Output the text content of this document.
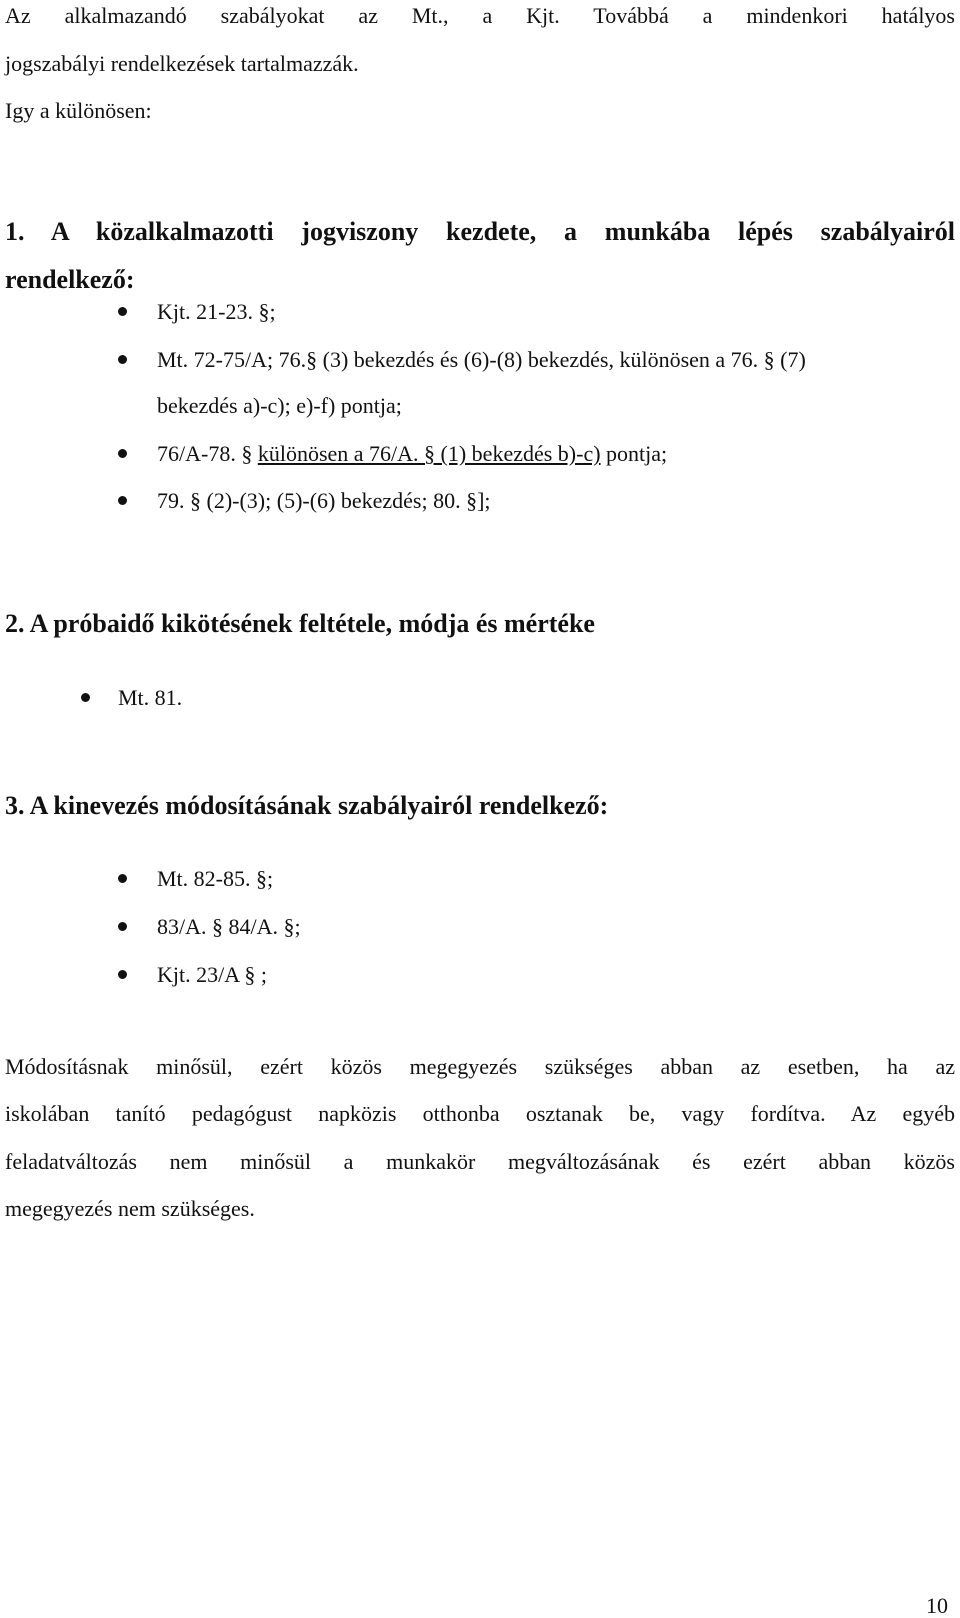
Az alkalmazandó szabályokat az Mt., a Kjt. Továbbá a mindenkori hatályos
jogszabályi rendelkezések tartalmazzák.
Igy a különösen:
1. A közalkalmazotti jogviszony kezdete, a munkába lépés szabályairól
rendelkező:
Kjt. 21-23. §;
Mt. 72-75/A; 76.§ (3) bekezdés és (6)-(8) bekezdés, különösen a 76. § (7)
bekezdés a)-c); e)-f) pontja;
76/A-78. § különösen a 76/A. § (1) bekezdés b)-c) pontja;
79. § (2)-(3); (5)-(6) bekezdés; 80. §];
2. A próbaidő kikötésének feltétele, módja és mértéke
Mt. 81.
3. A kinevezés módosításának szabályairól rendelkező:
Mt. 82-85. §;
83/A. § 84/A. §;
Kjt. 23/A § ;
Módosításnak minősül, ezért közös megegyezés szükséges abban az esetben, ha az
iskolában tanító pedagógust napközis otthonba osztanak be, vagy fordítva. Az egyéb
feladatváltozás nem minősül a munkakör megváltozásának és ezért abban közös
megegyezés nem szükséges.
10
